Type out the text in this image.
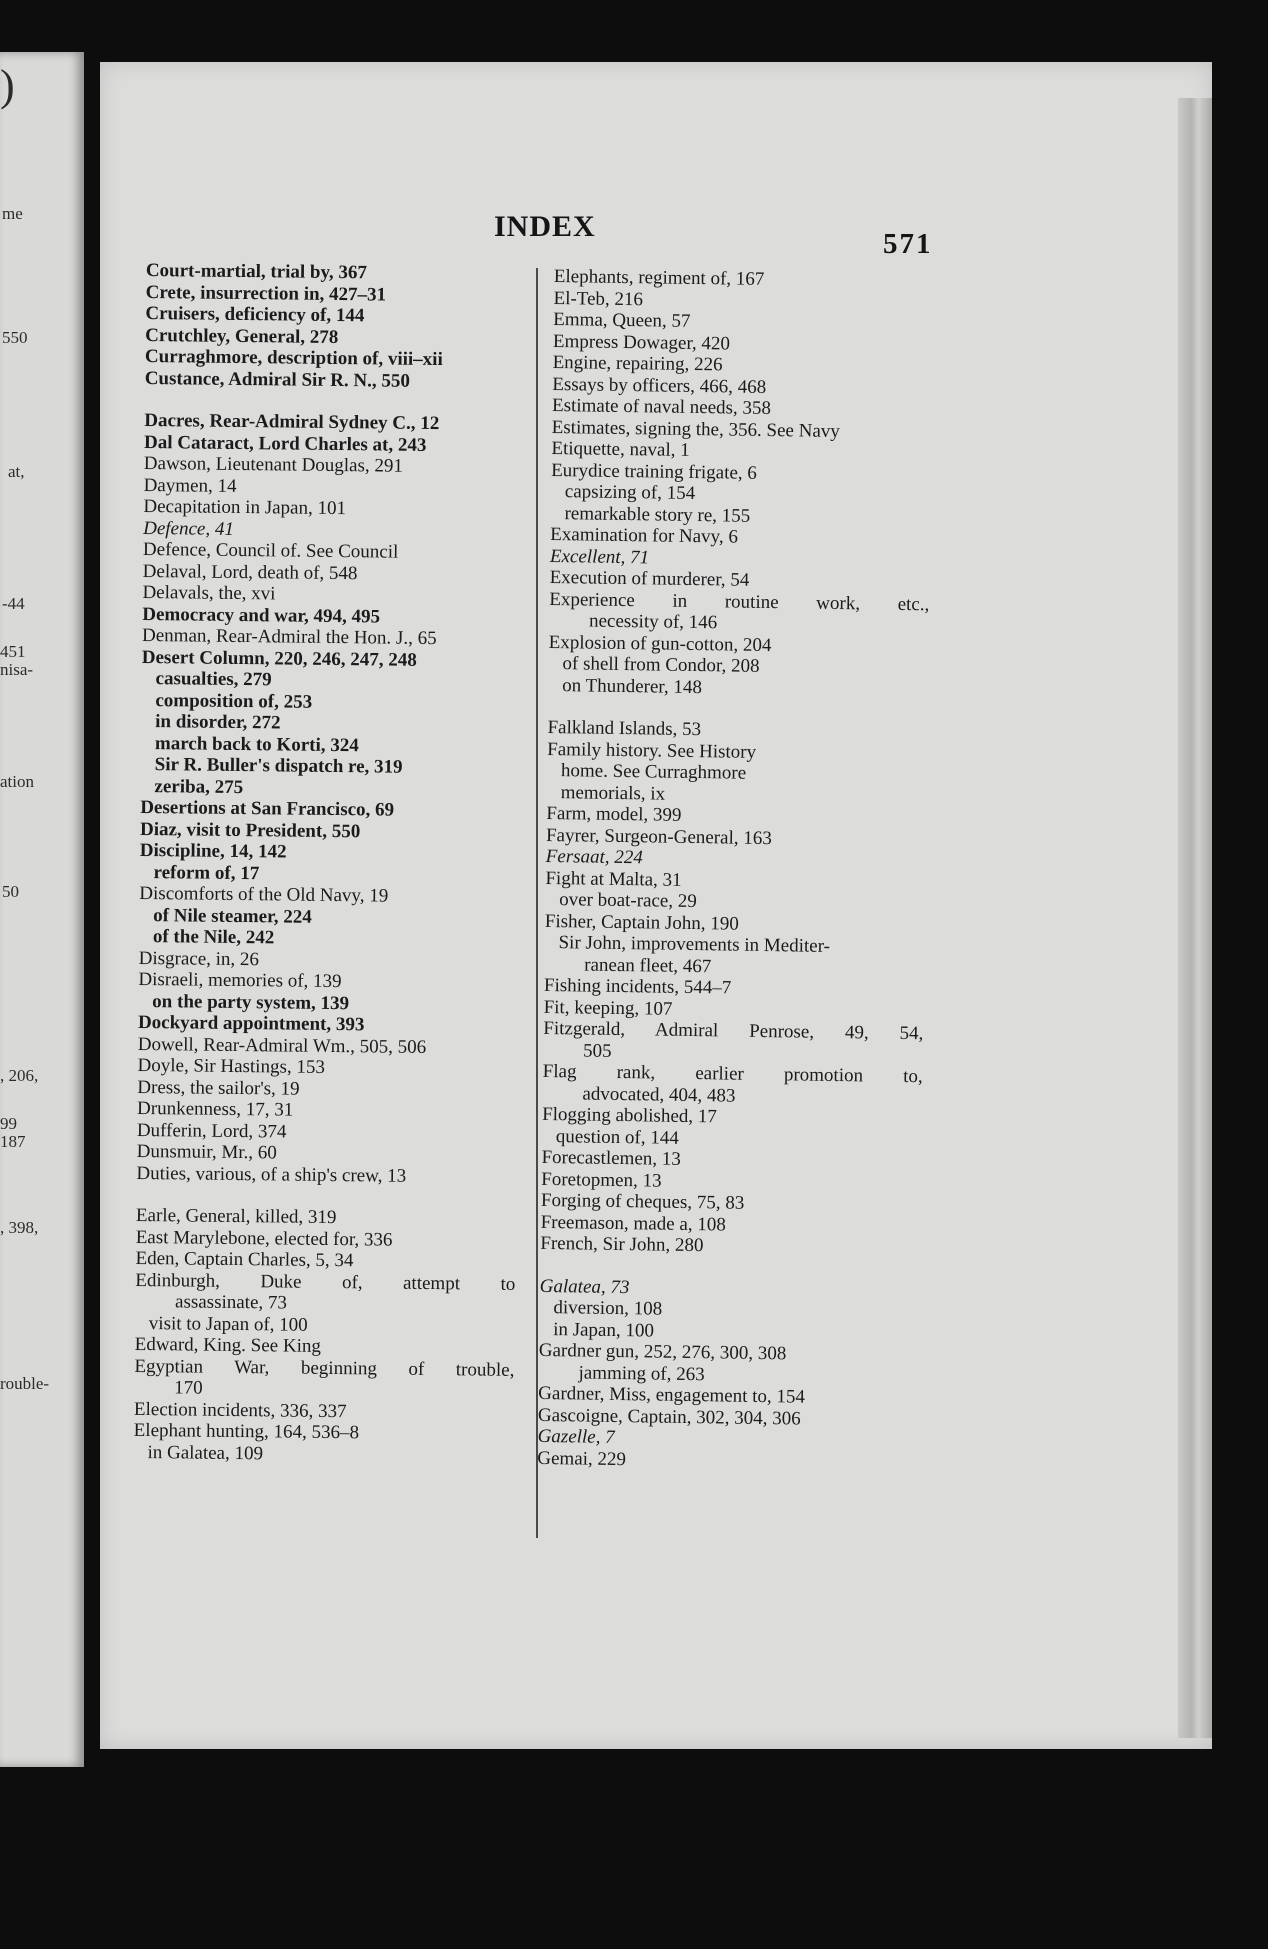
)
me
550
at,
-44
451
nisa-
ation
50
, 206,
99
187
, 398,
rouble-
INDEX
571
Court-martial, trial by, 367
Crete, insurrection in, 427–31
Cruisers, deficiency of, 144
Crutchley, General, 278
Curraghmore, description of, viii–xii
Custance, Admiral Sir R. N., 550
Dacres, Rear-Admiral Sydney C., 12
Dal Cataract, Lord Charles at, 243
Dawson, Lieutenant Douglas, 291
Daymen, 14
Decapitation in Japan, 101
Defence, 41
Defence, Council of. See Council
Delaval, Lord, death of, 548
Delavals, the, xvi
Democracy and war, 494, 495
Denman, Rear-Admiral the Hon. J., 65
Desert Column, 220, 246, 247, 248
casualties, 279
composition of, 253
in disorder, 272
march back to Korti, 324
Sir R. Buller's dispatch re, 319
zeriba, 275
Desertions at San Francisco, 69
Diaz, visit to President, 550
Discipline, 14, 142
reform of, 17
Discomforts of the Old Navy, 19
of Nile steamer, 224
of the Nile, 242
Disgrace, in, 26
Disraeli, memories of, 139
on the party system, 139
Dockyard appointment, 393
Dowell, Rear-Admiral Wm., 505, 506
Doyle, Sir Hastings, 153
Dress, the sailor's, 19
Drunkenness, 17, 31
Dufferin, Lord, 374
Dunsmuir, Mr., 60
Duties, various, of a ship's crew, 13
Earle, General, killed, 319
East Marylebone, elected for, 336
Eden, Captain Charles, 5, 34
Edinburgh, Duke of, attempt to
assassinate, 73
visit to Japan of, 100
Edward, King. See King
Egyptian War, beginning of trouble,
170
Election incidents, 336, 337
Elephant hunting, 164, 536–8
in Galatea, 109
Elephants, regiment of, 167
El-Teb, 216
Emma, Queen, 57
Empress Dowager, 420
Engine, repairing, 226
Essays by officers, 466, 468
Estimate of naval needs, 358
Estimates, signing the, 356. See Navy
Etiquette, naval, 1
Eurydice training frigate, 6
capsizing of, 154
remarkable story re, 155
Examination for Navy, 6
Excellent, 71
Execution of murderer, 54
Experience in routine work, etc.,
necessity of, 146
Explosion of gun-cotton, 204
of shell from Condor, 208
on Thunderer, 148
Falkland Islands, 53
Family history. See History
home. See Curraghmore
memorials, ix
Farm, model, 399
Fayrer, Surgeon-General, 163
Fersaat, 224
Fight at Malta, 31
over boat-race, 29
Fisher, Captain John, 190
Sir John, improvements in Mediter-
ranean fleet, 467
Fishing incidents, 544–7
Fit, keeping, 107
Fitzgerald, Admiral Penrose, 49, 54,
505
Flag rank, earlier promotion to,
advocated, 404, 483
Flogging abolished, 17
question of, 144
Forecastlemen, 13
Foretopmen, 13
Forging of cheques, 75, 83
Freemason, made a, 108
French, Sir John, 280
Galatea, 73
diversion, 108
in Japan, 100
Gardner gun, 252, 276, 300, 308
jamming of, 263
Gardner, Miss, engagement to, 154
Gascoigne, Captain, 302, 304, 306
Gazelle, 7
Gemai, 229
